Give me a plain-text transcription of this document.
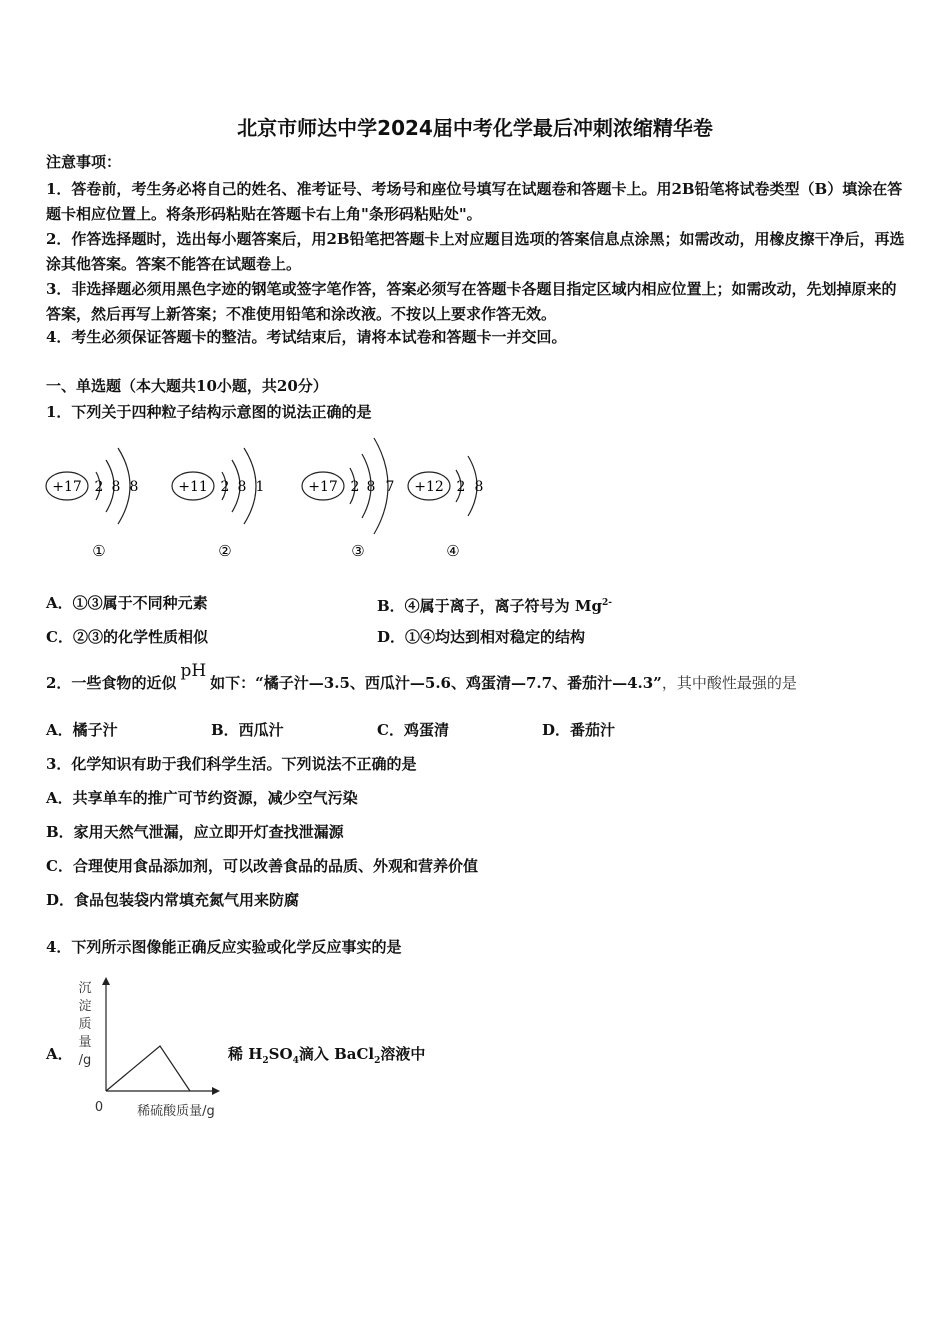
北京市师达中学2024届中考化学最后冲刺浓缩精华卷
注意事项：
1．答卷前，考生务必将自己的姓名、准考证号、考场号和座位号填写在试题卷和答题卡上。用2B铅笔将试卷类型（B）填涂在答题卡相应位置上。将条形码粘贴在答题卡右上角"条形码粘贴处"。
2．作答选择题时，选出每小题答案后，用2B铅笔把答题卡上对应题目选项的答案信息点涂黑；如需改动，用橡皮擦干净后，再选涂其他答案。答案不能答在试题卷上。
3．非选择题必须用黑色字迹的钢笔或签字笔作答，答案必须写在答题卡各题目指定区域内相应位置上；如需改动，先划掉原来的答案，然后再写上新答案；不准使用铅笔和涂改液。不按以上要求作答无效。
4．考生必须保证答题卡的整洁。考试结束后，请将本试卷和答题卡一并交回。
一、单选题（本大题共10小题，共20分）
1．下列关于四种粒子结构示意图的说法正确的是
+17 2 8 8
①
+11 2 8 1
②
+17 2 8 7
③
+12 2 8
④
A．①③属于不同种元素	B．④属于离子，离子符号为 $Mg^{2-}$
C．②③的化学性质相似	D．①④均达到相对稳定的结构
2．一些食物的近似pH如下：“橘子汁—3.5、西瓜汁—5.6、鸡蛋清—7.7、番茄汁—4.3”，其中酸性最强的是
A．橘子汁	B．西瓜汁	C．鸡蛋清	D．番茄汁
3．化学知识有助于我们科学生活。下列说法不正确的是
A．共享单车的推广可节约资源，减少空气污染
B．家用天然气泄漏，应立即开灯查找泄漏源
C．合理使用食品添加剂，可以改善食品的品质、外观和营养价值
D．食品包装袋内常填充氮气用来防腐
4．下列所示图像能正确反应实验或化学反应事实的是
A．
沉
淀
质
量
/g
0	稀硫酸质量/g
稀 $H_2SO_4$滴入 BaCl$_2$溶液中
